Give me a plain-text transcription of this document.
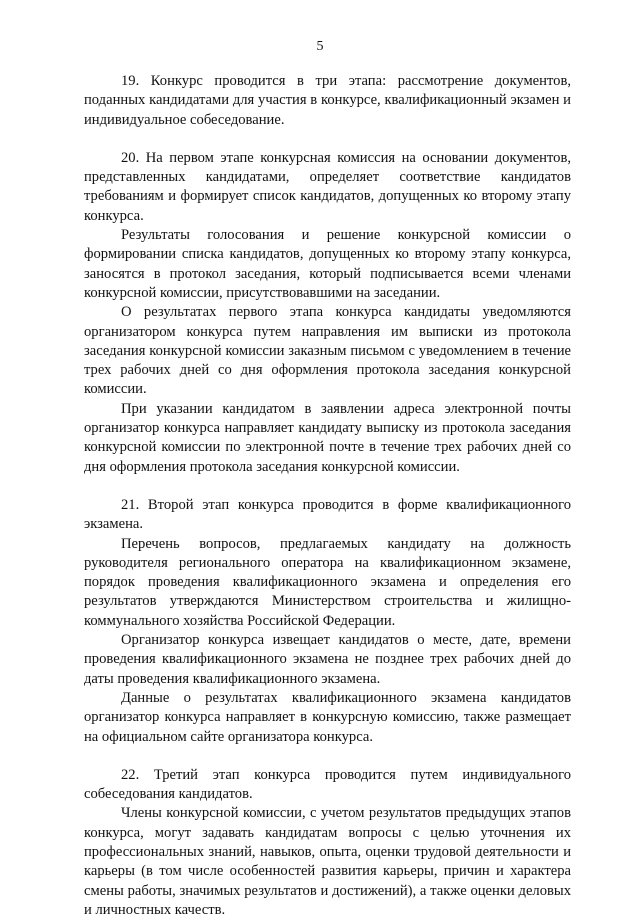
5

19. Конкурс проводится в три этапа: рассмотрение документов, поданных кандидатами для участия в конкурсе, квалификационный экзамен и индивидуальное собеседование.

20. На первом этапе конкурсная комиссия на основании документов, представленных кандидатами, определяет соответствие кандидатов требованиям и формирует список кандидатов, допущенных ко второму этапу конкурса.

Результаты голосования и решение конкурсной комиссии о формировании списка кандидатов, допущенных ко второму этапу конкурса, заносятся в протокол заседания, который подписывается всеми членами конкурсной комиссии, присутствовавшими на заседании.

О результатах первого этапа конкурса кандидаты уведомляются организатором конкурса путем направления им выписки из протокола заседания конкурсной комиссии заказным письмом с уведомлением в течение трех рабочих дней со дня оформления протокола заседания конкурсной комиссии.

При указании кандидатом в заявлении адреса электронной почты организатор конкурса направляет кандидату выписку из протокола заседания конкурсной комиссии по электронной почте в течение трех рабочих дней со дня оформления протокола заседания конкурсной комиссии.

21. Второй этап конкурса проводится в форме квалификационного экзамена.

Перечень вопросов, предлагаемых кандидату на должность руководителя регионального оператора на квалификационном экзамене, порядок проведения квалификационного экзамена и определения его результатов утверждаются Министерством строительства и жилищно-коммунального хозяйства Российской Федерации.

Организатор конкурса извещает кандидатов о месте, дате, времени проведения квалификационного экзамена не позднее трех рабочих дней до даты проведения квалификационного экзамена.

Данные о результатах квалификационного экзамена кандидатов организатор конкурса направляет в конкурсную комиссию, также размещает на официальном сайте организатора конкурса.

22. Третий этап конкурса проводится путем индивидуального собеседования кандидатов.

Члены конкурсной комиссии, с учетом результатов предыдущих этапов конкурса, могут задавать кандидатам вопросы с целью уточнения их профессиональных знаний, навыков, опыта, оценки трудовой деятельности и карьеры (в том числе особенностей развития карьеры, причин и характера смены работы, значимых результатов и достижений), а также оценки деловых и личностных качеств.
